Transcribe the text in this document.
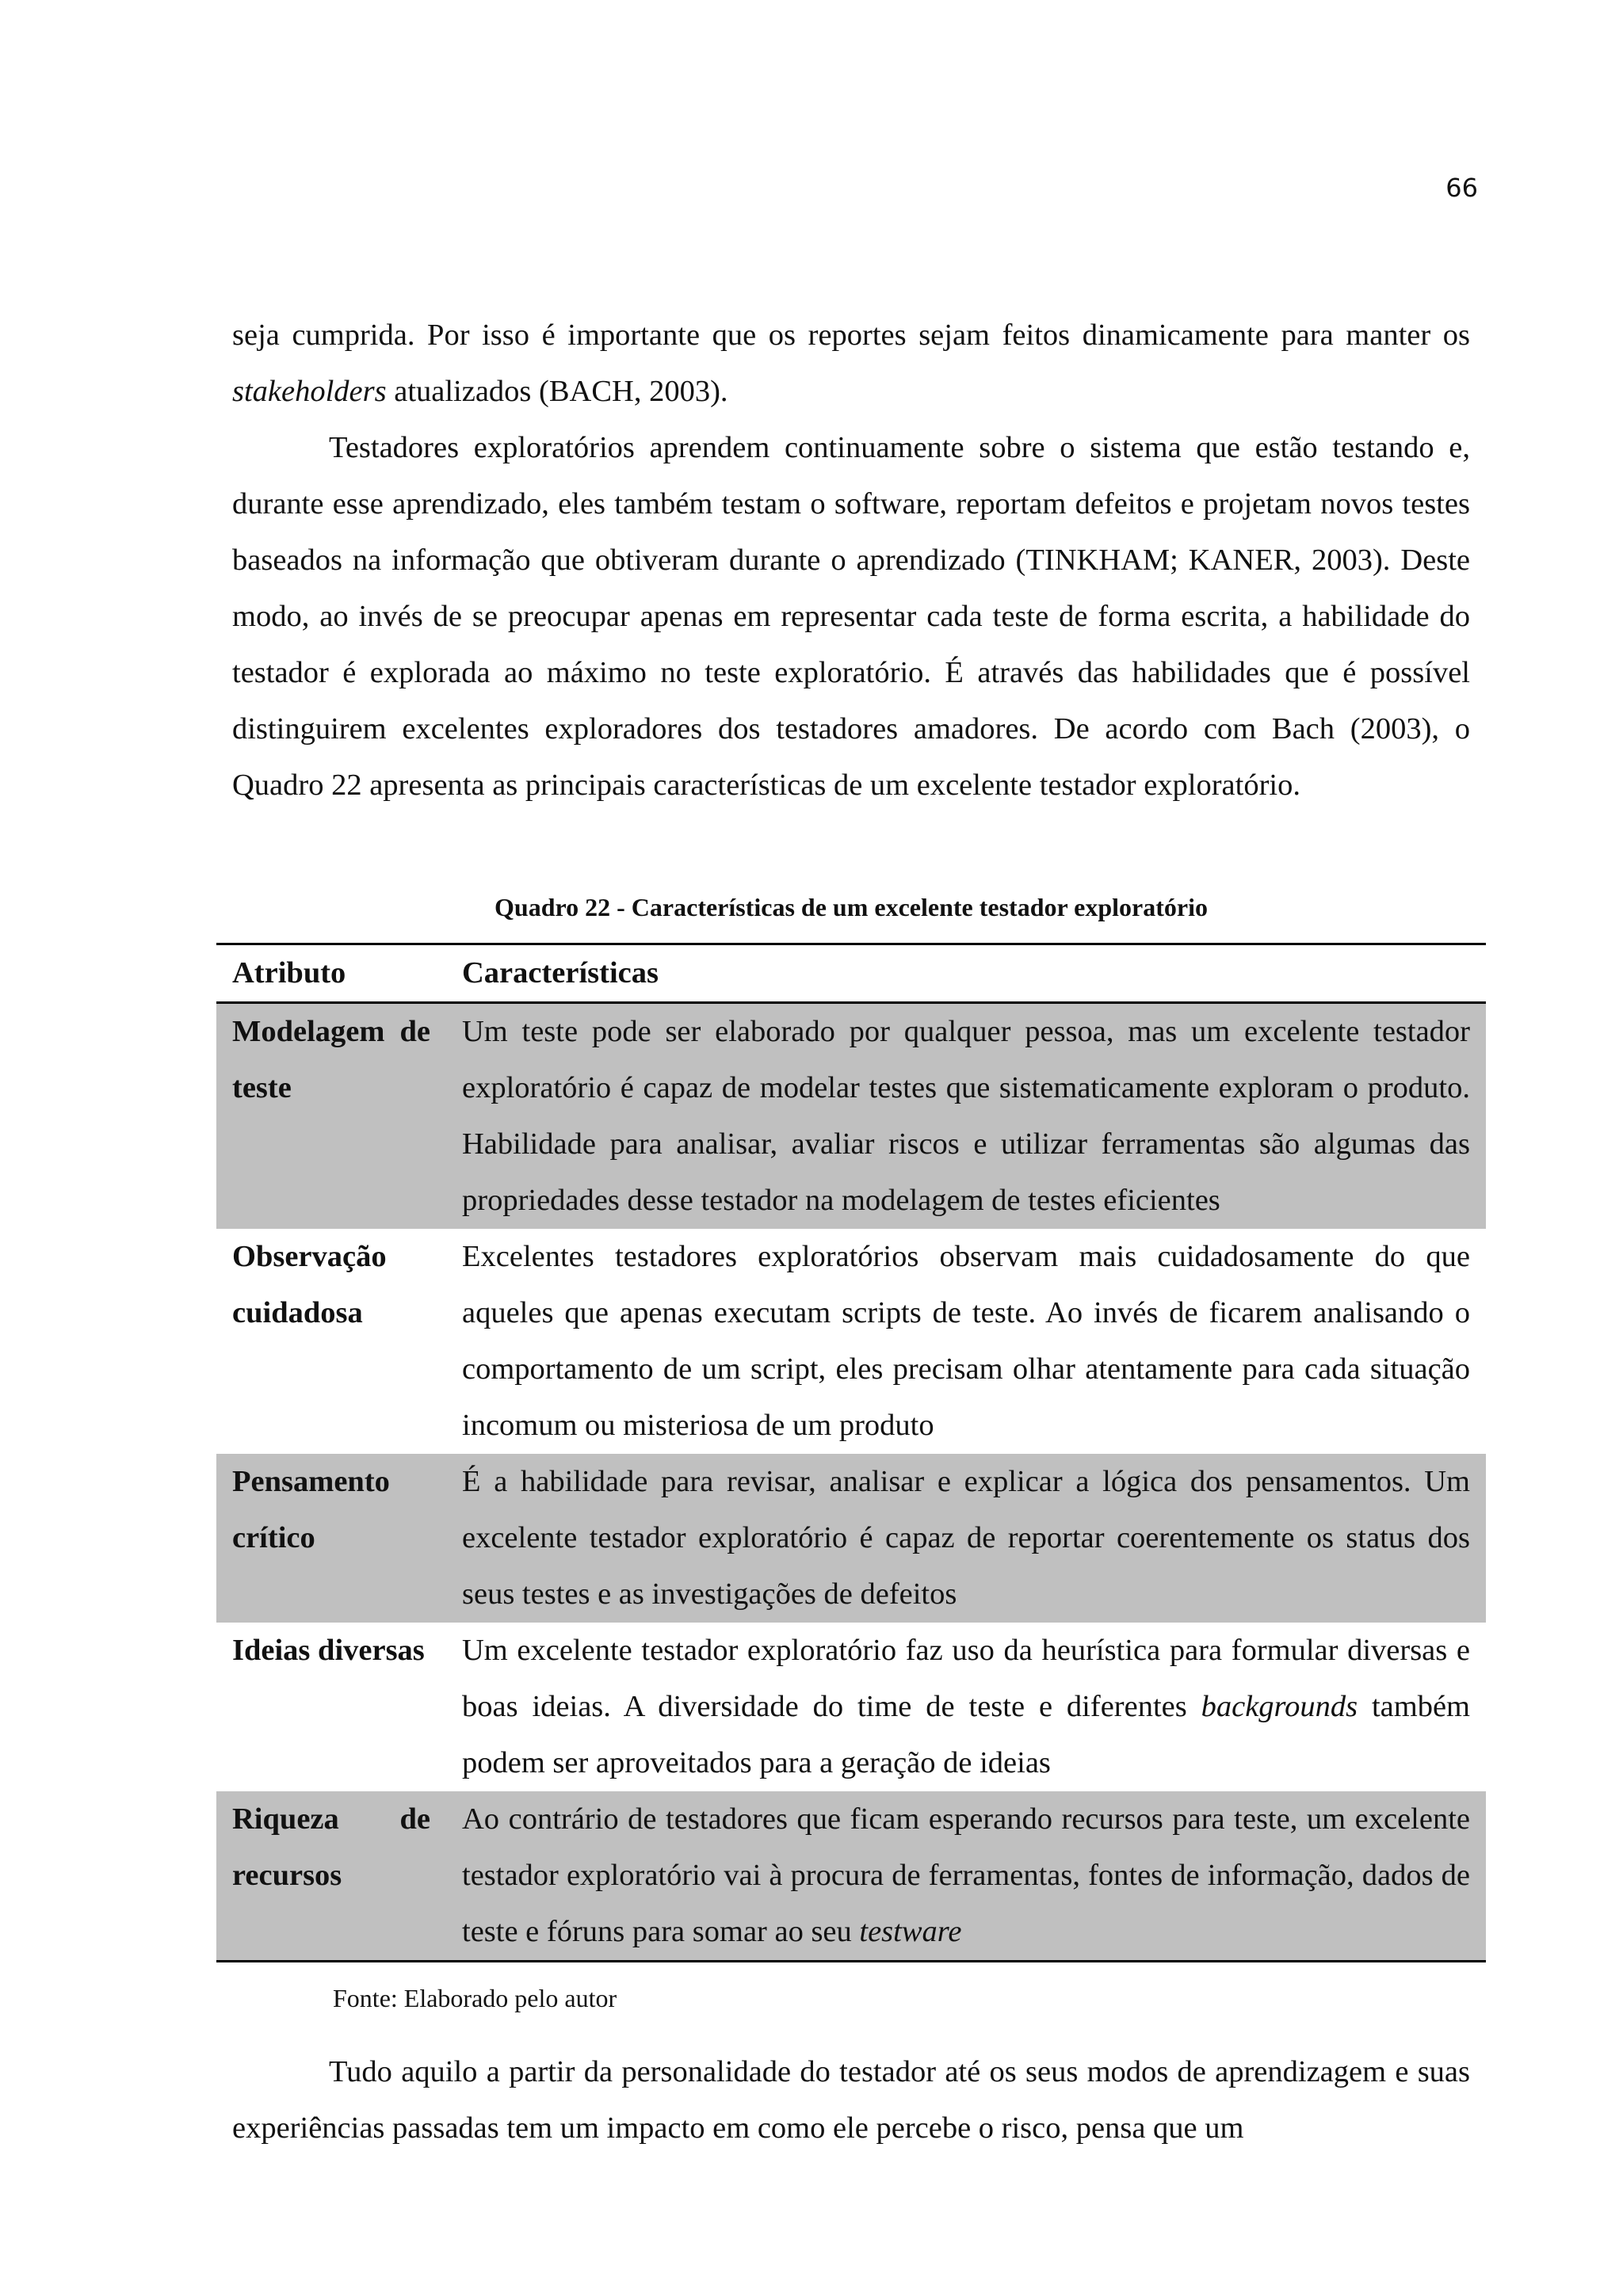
66

seja cumprida. Por isso é importante que os reportes sejam feitos dinamicamente para manter os stakeholders atualizados (BACH, 2003).

Testadores exploratórios aprendem continuamente sobre o sistema que estão testando e, durante esse aprendizado, eles também testam o software, reportam defeitos e projetam novos testes baseados na informação que obtiveram durante o aprendizado (TINKHAM; KANER, 2003). Deste modo, ao invés de se preocupar apenas em representar cada teste de forma escrita, a habilidade do testador é explorada ao máximo no teste exploratório. É através das habilidades que é possível distinguirem excelentes exploradores dos testadores amadores. De acordo com Bach (2003), o Quadro 22 apresenta as principais características de um excelente testador exploratório.

Quadro 22 - Características de um excelente testador exploratório
Atributo	Características
Modelagem de teste	Um teste pode ser elaborado por qualquer pessoa, mas um excelente testador exploratório é capaz de modelar testes que sistematicamente exploram o produto. Habilidade para analisar, avaliar riscos e utilizar ferramentas são algumas das propriedades desse testador na modelagem de testes eficientes
Observação cuidadosa	Excelentes testadores exploratórios observam mais cuidadosamente do que aqueles que apenas executam scripts de teste. Ao invés de ficarem analisando o comportamento de um script, eles precisam olhar atentamente para cada situação incomum ou misteriosa de um produto
Pensamento crítico	É a habilidade para revisar, analisar e explicar a lógica dos pensamentos. Um excelente testador exploratório é capaz de reportar coerentemente os status dos seus testes e as investigações de defeitos
Ideias diversas	Um excelente testador exploratório faz uso da heurística para formular diversas e boas ideias. A diversidade do time de teste e diferentes backgrounds também podem ser aproveitados para a geração de ideias
Riqueza de recursos	Ao contrário de testadores que ficam esperando recursos para teste, um excelente testador exploratório vai à procura de ferramentas, fontes de informação, dados de teste e fóruns para somar ao seu testware
Fonte: Elaborado pelo autor

Tudo aquilo a partir da personalidade do testador até os seus modos de aprendizagem e suas experiências passadas tem um impacto em como ele percebe o risco, pensa que um
